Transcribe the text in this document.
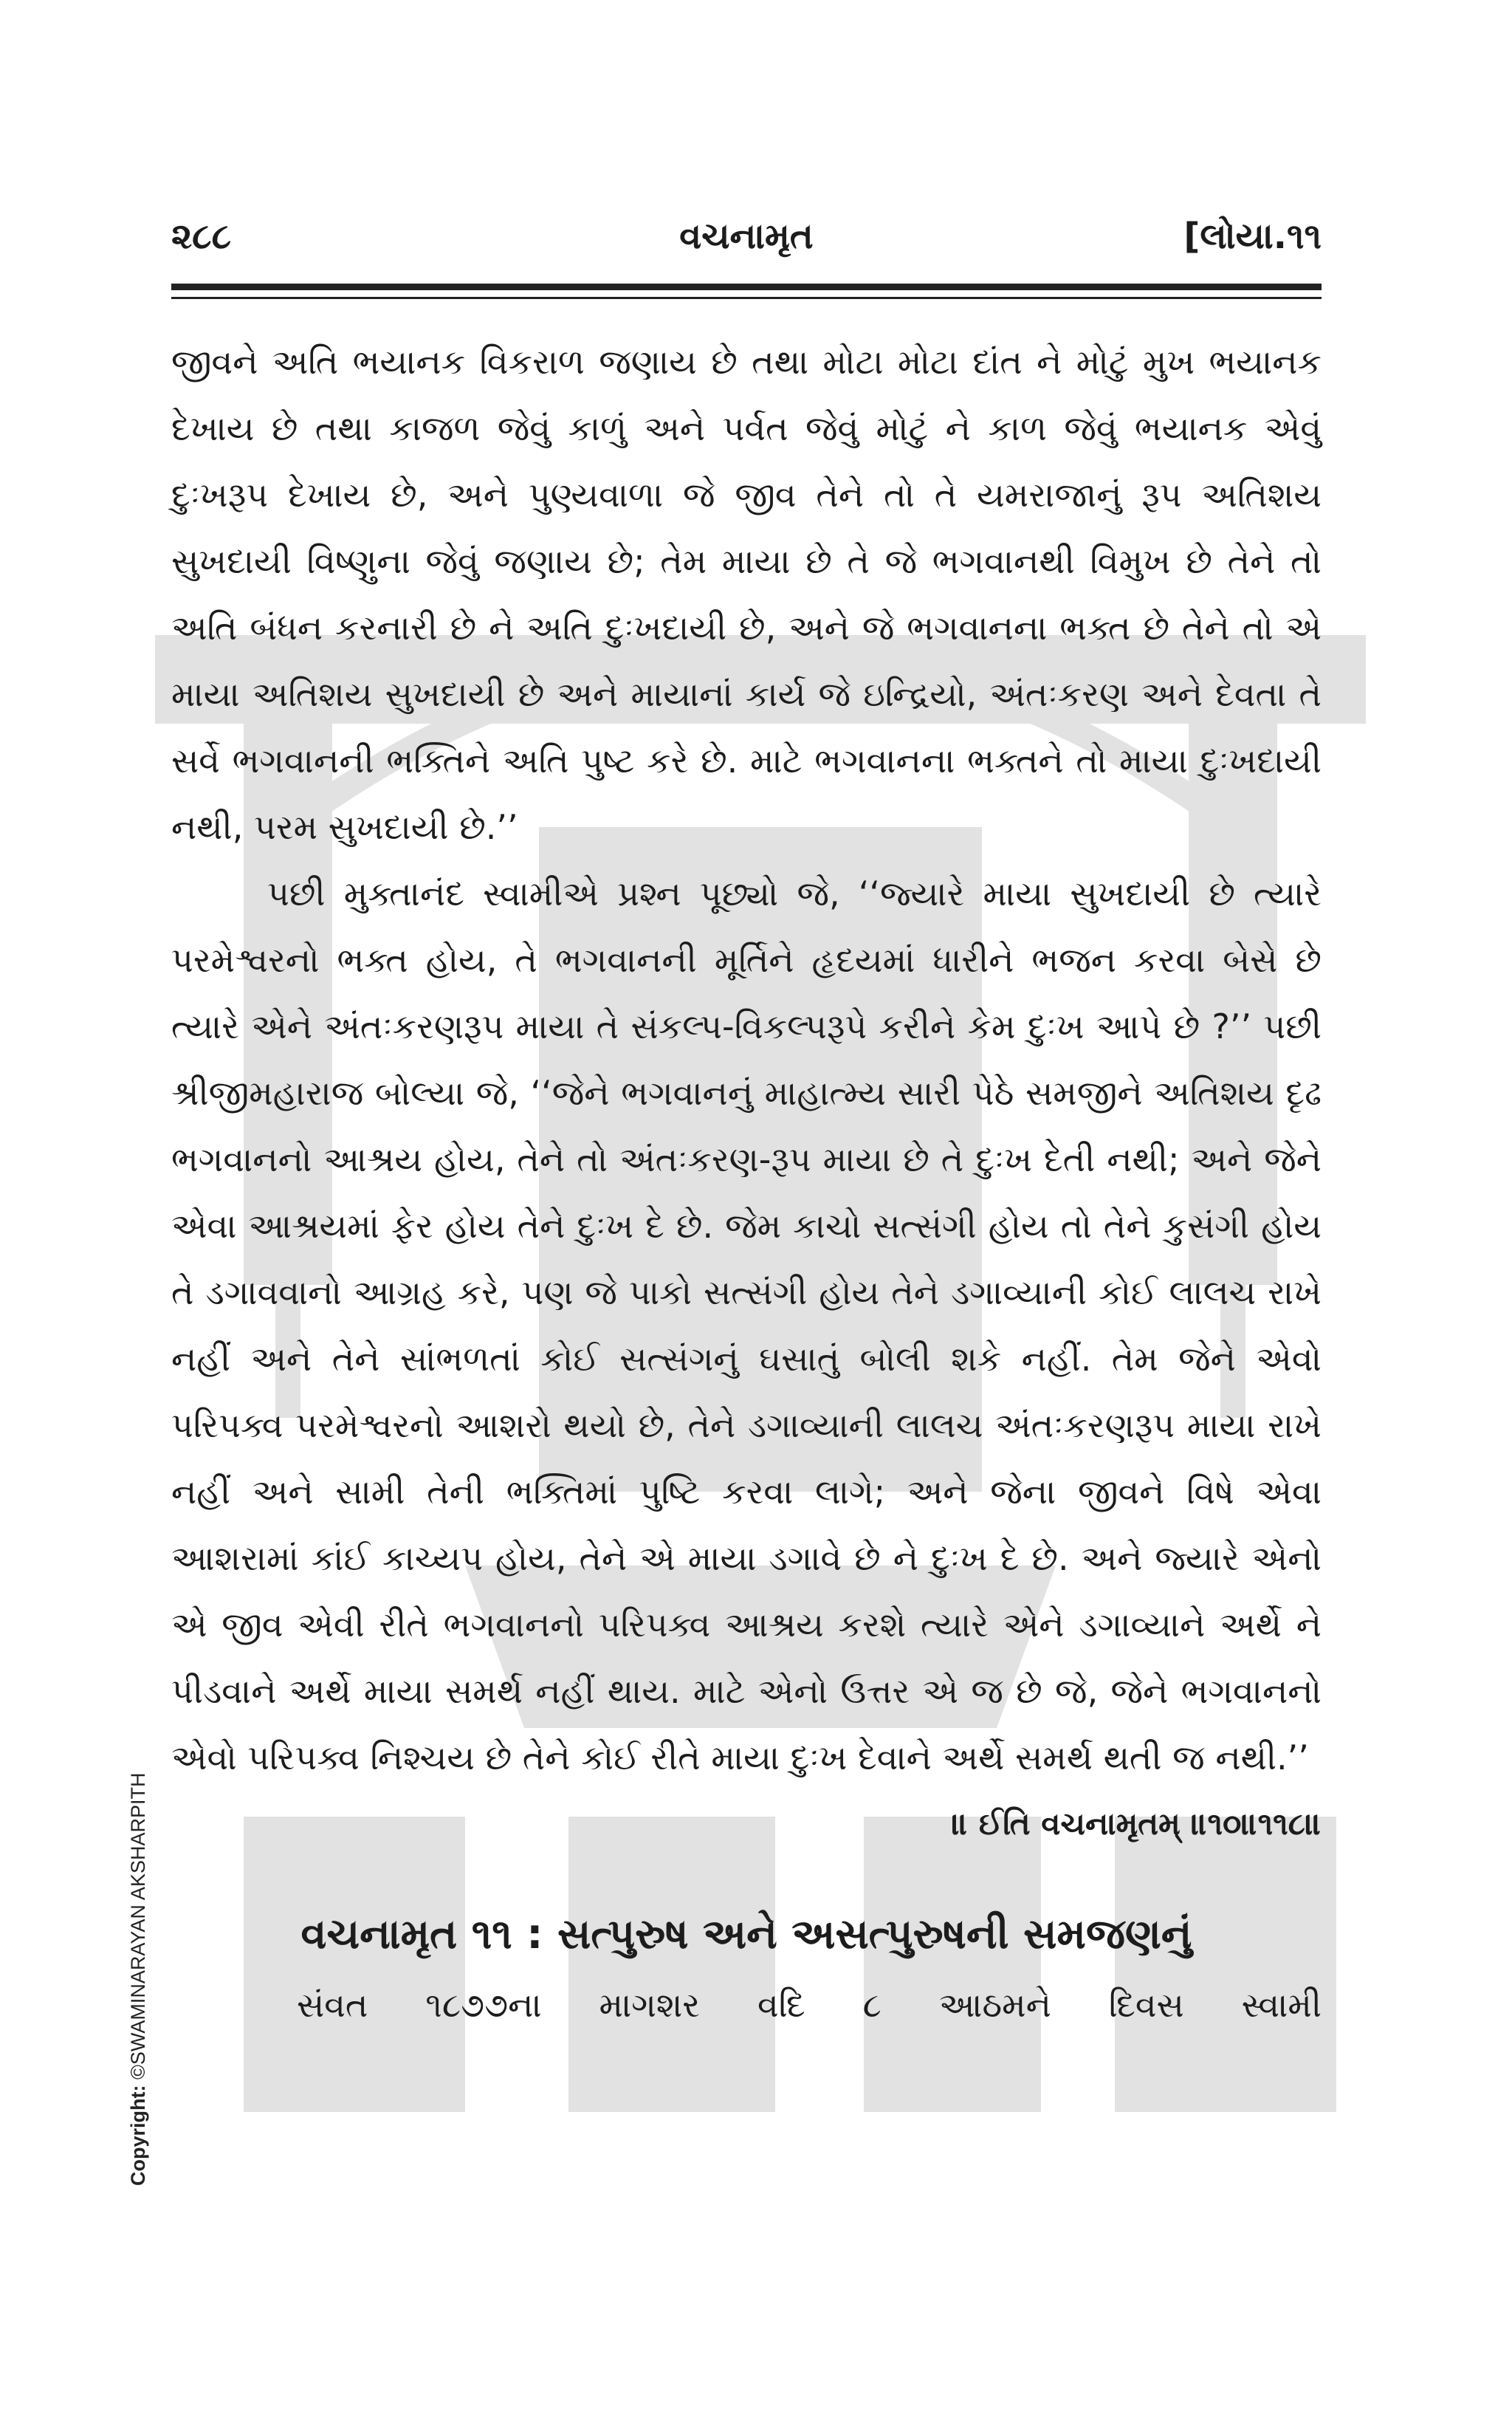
૨૮૮	વચનામૃત	[લોયા.૧૧

જીવને અતિ ભયાનક વિકરાળ જણાય છે તથા મોટા મોટા દાંત ને મોટું મુખ ભયાનક દેખાય છે તથા કાજળ જેવું કાળું અને પર્વત જેવું મોટું ને કાળ જેવું ભયાનક એવું દુઃખરૂપ દેખાય છે, અને પુણ્યવાળા જે જીવ તેને તો તે યમરાજાનું રૂપ અતિશય સુખદાયી વિષ્ણુના જેવું જણાય છે; તેમ માયા છે તે જે ભગવાનથી વિમુખ છે તેને તો અતિ બંધન કરનારી છે ને અતિ દુઃખદાયી છે, અને જે ભગવાનના ભક્ત છે તેને તો એ માયા અતિશય સુખદાયી છે અને માયાનાં કાર્ય જે ઇન્દ્રિયો, અંતઃકરણ અને દેવતા તે સર્વે ભગવાનની ભક્તિને અતિ પુષ્ટ કરે છે. માટે ભગવાનના ભક્તને તો માયા દુઃખદાયી નથી, પરમ સુખદાયી છે.’’

પછી મુક્તાનંદ સ્વામીએ પ્રશ્ન પૂછ્યો જે, ‘‘જ્યારે માયા સુખદાયી છે ત્યારે પરમેશ્વરનો ભક્ત હોય, તે ભગવાનની મૂર્તિને હૃદયમાં ધારીને ભજન કરવા બેસે છે ત્યારે એને અંતઃકરણરૂપ માયા તે સંકલ્પ-વિકલ્પરૂપે કરીને કેમ દુઃખ આપે છે ?’’ પછી શ્રીજીમહારાજ બોલ્યા જે, ‘‘જેને ભગવાનનું માહાત્મ્ય સારી પેઠે સમજીને અતિશય દૃઢ ભગવાનનો આશ્રય હોય, તેને તો અંતઃકરણ-રૂપ માયા છે તે દુઃખ દેતી નથી; અને જેને એવા આશ્રયમાં ફેર હોય તેને દુઃખ દે છે. જેમ કાચો સત્સંગી હોય તો તેને કુસંગી હોય તે ડગાવવાનો આગ્રહ કરે, પણ જે પાકો સત્સંગી હોય તેને ડગાવ્યાની કોઈ લાલચ રાખે નહીં અને તેને સાંભળતાં કોઈ સત્સંગનું ઘસાતું બોલી શકે નહીં. તેમ જેને એવો પરિપક્વ પરમેશ્વરનો આશરો થયો છે, તેને ડગાવ્યાની લાલચ અંતઃકરણરૂપ માયા રાખે નહીં અને સામી તેની ભક્તિમાં પુષ્ટિ કરવા લાગે; અને જેના જીવને વિષે એવા આશરામાં કાંઈ કાચ્યપ હોય, તેને એ માયા ડગાવે છે ને દુઃખ દે છે. અને જ્યારે એનો એ જીવ એવી રીતે ભગવાનનો પરિપક્વ આશ્રય કરશે ત્યારે એને ડગાવ્યાને અર્થે ને પીડવાને અર્થે માયા સમર્થ નહીં થાય. માટે એનો ઉત્તર એ જ છે જે, જેને ભગવાનનો એવો પરિપક્વ નિશ્ચય છે તેને કોઈ રીતે માયા દુઃખ દેવાને અર્થે સમર્થ થતી જ નથી.’’

॥ ઈતિ વચનામૃતમ્ ॥૧૦॥૧૧૮॥

વચનામૃત ૧૧ : સત્પુરુષ અને અસત્પુરુષની સમજણનું

સંવત ૧૮૭૭ના માગશર વદિ ૮ આઠમને દિવસ સ્વામી

Copyright: ©SWAMINARAYAN AKSHARPITH
